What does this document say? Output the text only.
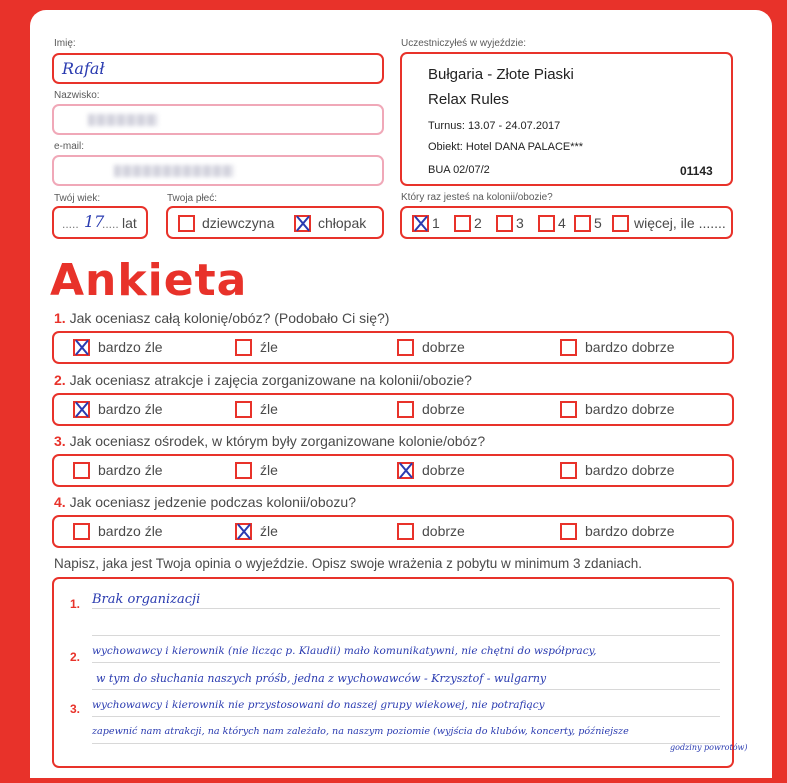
Imię:
Rafał
Nazwisko:
e-mail:
Twój wiek:
..... 17
..... lat
Twoja płeć:
dziewczyna	chłopak
Uczestniczyłeś w wyjeździe:
Bułgaria - Złote Piaski
Relax Rules
Turnus: 13.07 - 24.07.2017
Obiekt: Hotel DANA PALACE***
BUA 02/07/2	01143
Który raz jesteś na kolonii/obozie?
1 2 3 4 5 więcej, ile .......
Ankieta
1. Jak oceniasz całą kolonię/obóz? (Podobało Ci się?)
bardzo źle	źle	dobrze	bardzo dobrze
2. Jak oceniasz atrakcje i zajęcia zorganizowane na kolonii/obozie?
bardzo źle	źle	dobrze	bardzo dobrze
3. Jak oceniasz ośrodek, w którym były zorganizowane kolonie/obóz?
bardzo źle	źle	dobrze	bardzo dobrze
4. Jak oceniasz jedzenie podczas kolonii/obozu?
bardzo źle	źle	dobrze	bardzo dobrze
Napisz, jaka jest Twoja opinia o wyjeździe. Opisz swoje wrażenia z pobytu w minimum 3 zdaniach.
1.
2.
3.
Brak organizacji
wychowawcy i kierownik (nie licząc p. Klaudii) mało komunikatywni, nie chętni do współpracy,
w tym do słuchania naszych próśb, jedna z wychowawców - Krzysztof - wulgarny
wychowawcy i kierownik nie przystosowani do naszej grupy wiekowej, nie potrafiący
zapewnić nam atrakcji, na których nam zależało, na naszym poziomie (wyjścia do klubów, koncerty, późniejsze
godziny powrotów)
